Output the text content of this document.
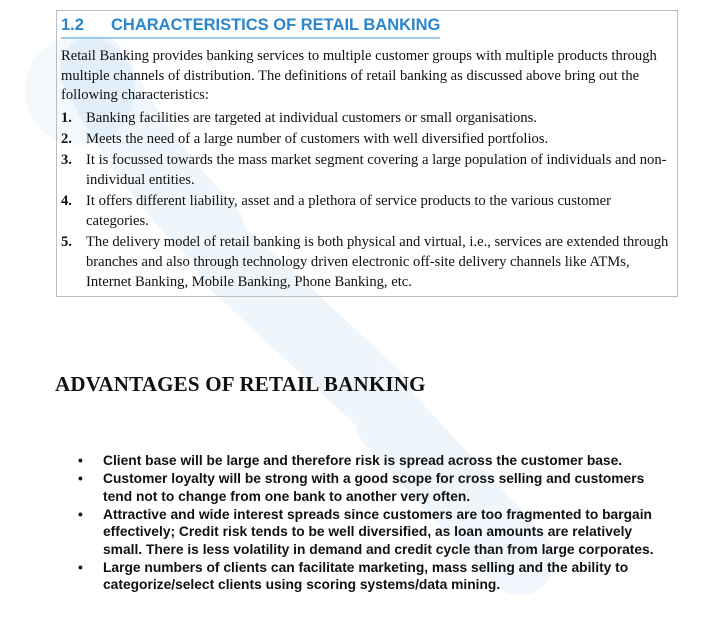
1.2 CHARACTERISTICS OF RETAIL BANKING
Retail Banking provides banking services to multiple customer groups with multiple products through multiple channels of distribution. The definitions of retail banking as discussed above bring out the following characteristics:
1. Banking facilities are targeted at individual customers or small organisations.
2. Meets the need of a large number of customers with well diversified portfolios.
3. It is focussed towards the mass market segment covering a large population of individuals and non-individual entities.
4. It offers different liability, asset and a plethora of service products to the various customer categories.
5. The delivery model of retail banking is both physical and virtual, i.e., services are extended through branches and also through technology driven electronic off-site delivery channels like ATMs, Internet Banking, Mobile Banking, Phone Banking, etc.
ADVANTAGES OF RETAIL BANKING
• Client base will be large and therefore risk is spread across the customer base.
• Customer loyalty will be strong with a good scope for cross selling and customers tend not to change from one bank to another very often.
• Attractive and wide interest spreads since customers are too fragmented to bargain effectively; Credit risk tends to be well diversified, as loan amounts are relatively small. There is less volatility in demand and credit cycle than from large corporates.
• Large numbers of clients can facilitate marketing, mass selling and the ability to categorize/select clients using scoring systems/data mining.
